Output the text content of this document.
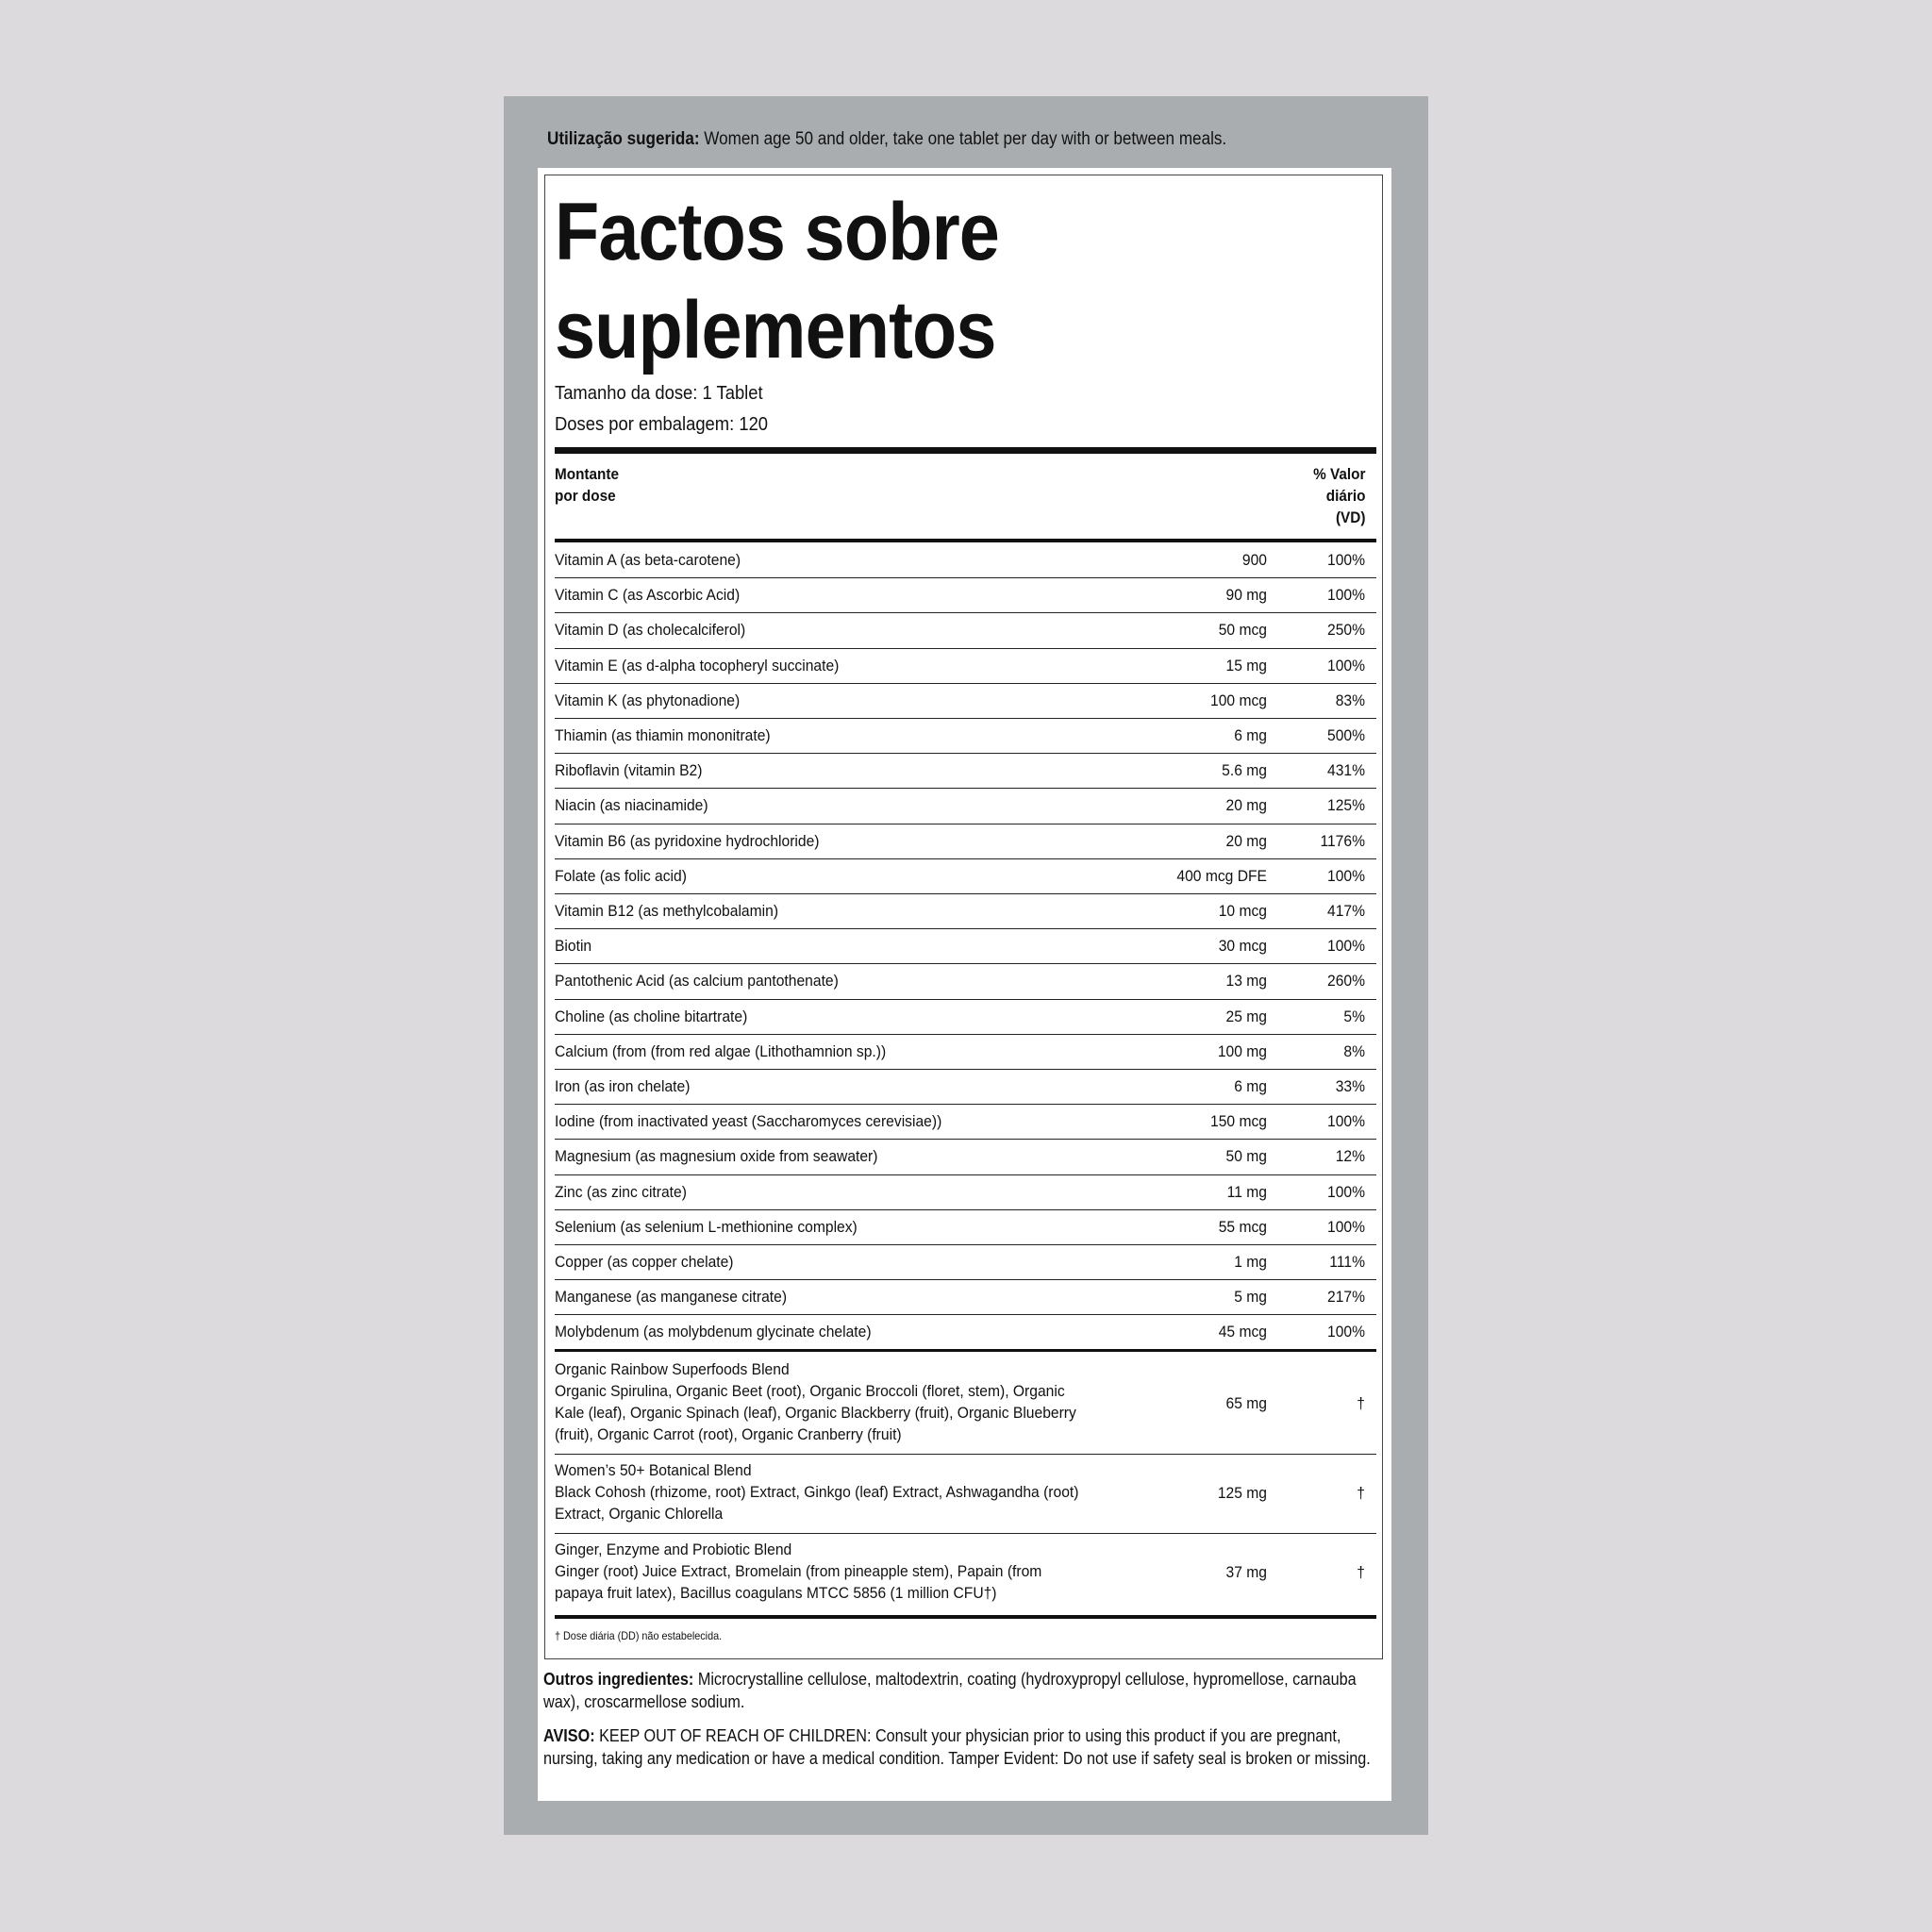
Utilização sugerida: Women age 50 and older, take one tablet per day with or between meals.
Factos sobre
suplementos
Tamanho da dose: 1 Tablet
Doses por embalagem: 120
Montante
por dose
% Valor
diário
(VD)
Vitamin A (as beta-carotene)	900	100%
Vitamin C (as Ascorbic Acid)	90 mg	100%
Vitamin D (as cholecalciferol)	50 mcg	250%
Vitamin E (as d-alpha tocopheryl succinate)	15 mg	100%
Vitamin K (as phytonadione)	100 mcg	83%
Thiamin (as thiamin mononitrate)	6 mg	500%
Riboflavin (vitamin B2)	5.6 mg	431%
Niacin (as niacinamide)	20 mg	125%
Vitamin B6 (as pyridoxine hydrochloride)	20 mg	1176%
Folate (as folic acid)	400 mcg DFE	100%
Vitamin B12 (as methylcobalamin)	10 mcg	417%
Biotin	30 mcg	100%
Pantothenic Acid (as calcium pantothenate)	13 mg	260%
Choline (as choline bitartrate)	25 mg	5%
Calcium (from (from red algae (Lithothamnion sp.))	100 mg	8%
Iron (as iron chelate)	6 mg	33%
Iodine (from inactivated yeast (Saccharomyces cerevisiae))	150 mcg	100%
Magnesium (as magnesium oxide from seawater)	50 mg	12%
Zinc (as zinc citrate)	11 mg	100%
Selenium (as selenium L-methionine complex)	55 mcg	100%
Copper (as copper chelate)	1 mg	111%
Manganese (as manganese citrate)	5 mg	217%
Molybdenum (as molybdenum glycinate chelate)	45 mcg	100%
Organic Rainbow Superfoods Blend
Organic Spirulina, Organic Beet (root), Organic Broccoli (floret, stem), Organic Kale (leaf), Organic Spinach (leaf), Organic Blackberry (fruit), Organic Blueberry (fruit), Organic Carrot (root), Organic Cranberry (fruit)
65 mg	†
Women’s 50+ Botanical Blend
Black Cohosh (rhizome, root) Extract, Ginkgo (leaf) Extract, Ashwagandha (root) Extract, Organic Chlorella
125 mg	†
Ginger, Enzyme and Probiotic Blend
Ginger (root) Juice Extract, Bromelain (from pineapple stem), Papain (from papaya fruit latex), Bacillus coagulans MTCC 5856 (1 million CFU†)
37 mg	†
† Dose diária (DD) não estabelecida.
Outros ingredientes: Microcrystalline cellulose, maltodextrin, coating (hydroxypropyl cellulose, hypromellose, carnauba wax), croscarmellose sodium.
AVISO: KEEP OUT OF REACH OF CHILDREN: Consult your physician prior to using this product if you are pregnant, nursing, taking any medication or have a medical condition. Tamper Evident: Do not use if safety seal is broken or missing.
